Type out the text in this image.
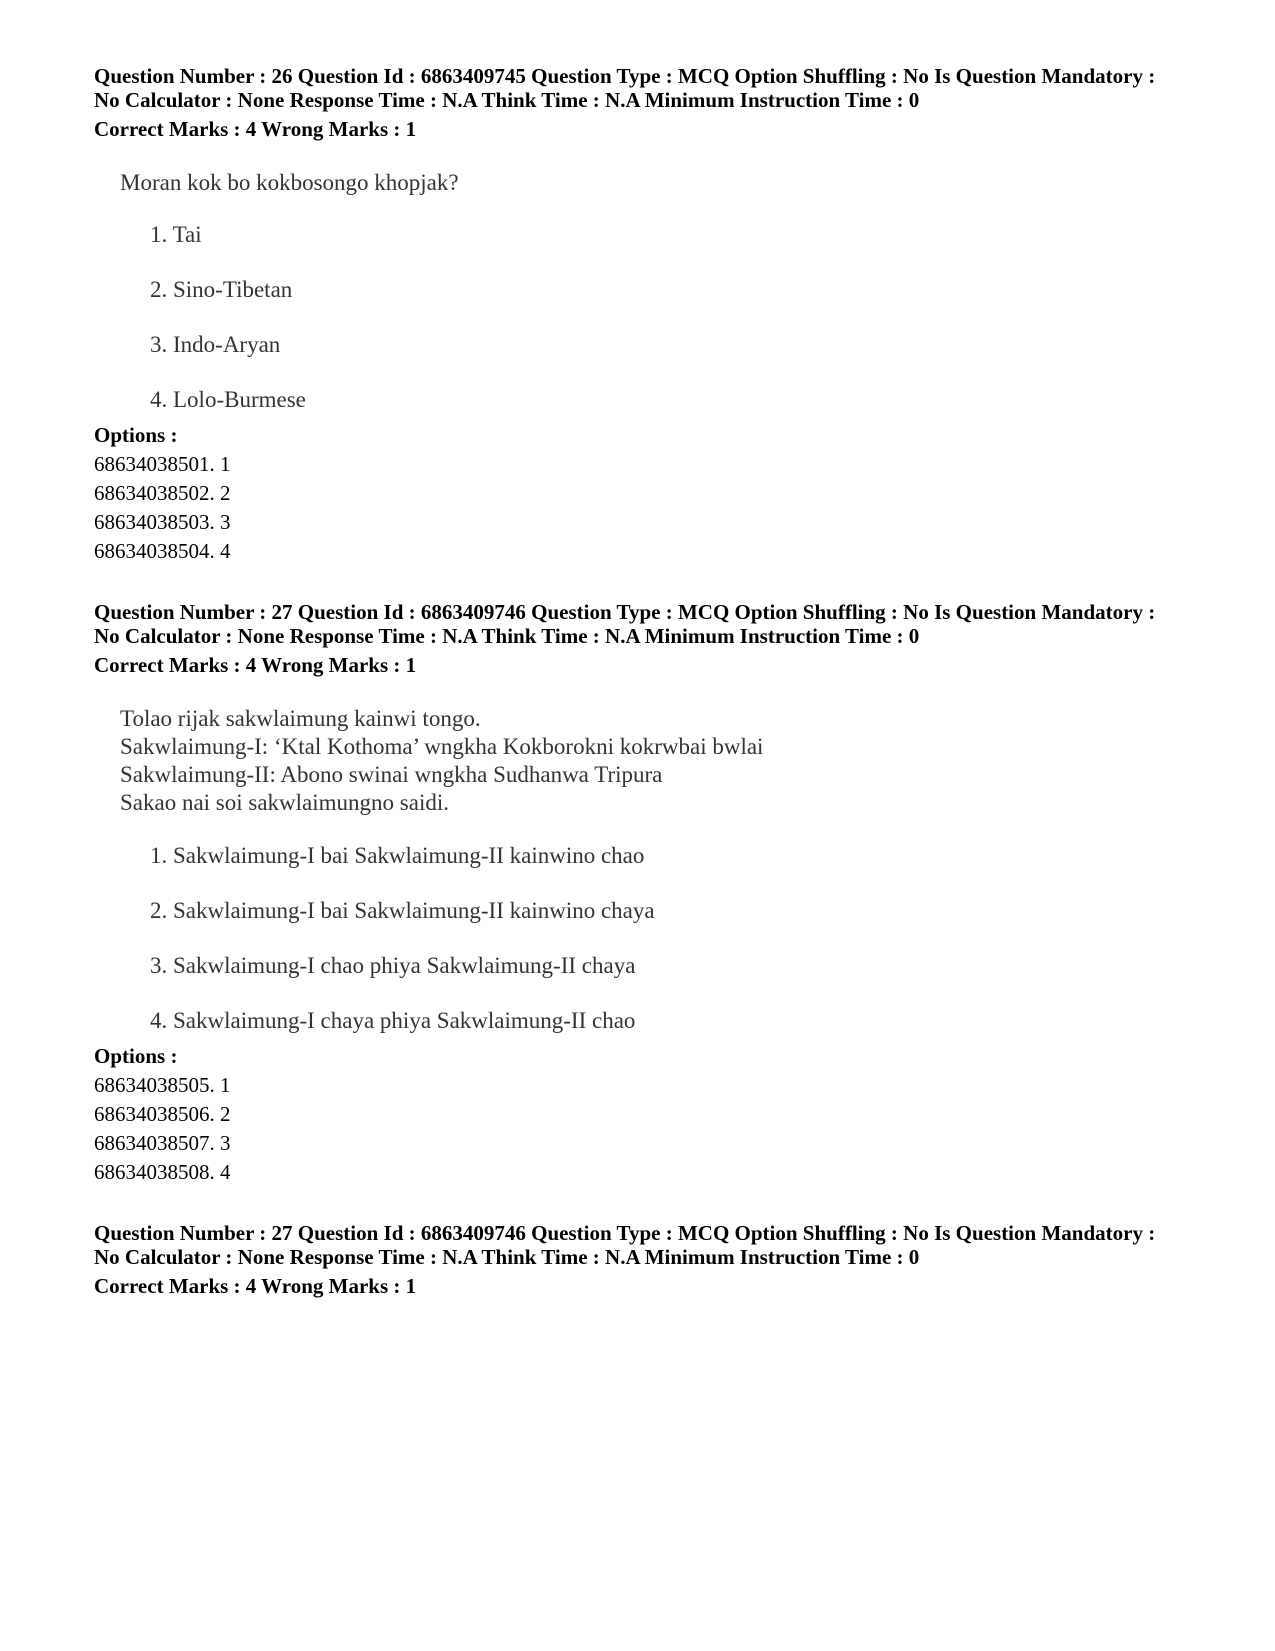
Question Number : 26 Question Id : 6863409745 Question Type : MCQ Option Shuffling : No Is Question Mandatory :
No Calculator : None Response Time : N.A Think Time : N.A Minimum Instruction Time : 0
Correct Marks : 4 Wrong Marks : 1
Moran kok bo kokbosongo khopjak?
1. Tai
2. Sino-Tibetan
3. Indo-Aryan
4. Lolo-Burmese
Options :
68634038501. 1
68634038502. 2
68634038503. 3
68634038504. 4
Question Number : 27 Question Id : 6863409746 Question Type : MCQ Option Shuffling : No Is Question Mandatory :
No Calculator : None Response Time : N.A Think Time : N.A Minimum Instruction Time : 0
Correct Marks : 4 Wrong Marks : 1
Tolao rijak sakwlaimung kainwi tongo.
Sakwlaimung-I: ‘Ktal Kothoma’ wngkha Kokborokni kokrwbai bwlai
Sakwlaimung-II: Abono swinai wngkha Sudhanwa Tripura
Sakao nai soi sakwlaimungno saidi.
1. Sakwlaimung-I bai Sakwlaimung-II kainwino chao
2. Sakwlaimung-I bai Sakwlaimung-II kainwino chaya
3. Sakwlaimung-I chao phiya Sakwlaimung-II chaya
4. Sakwlaimung-I chaya phiya Sakwlaimung-II chao
Options :
68634038505. 1
68634038506. 2
68634038507. 3
68634038508. 4
Question Number : 27 Question Id : 6863409746 Question Type : MCQ Option Shuffling : No Is Question Mandatory :
No Calculator : None Response Time : N.A Think Time : N.A Minimum Instruction Time : 0
Correct Marks : 4 Wrong Marks : 1
